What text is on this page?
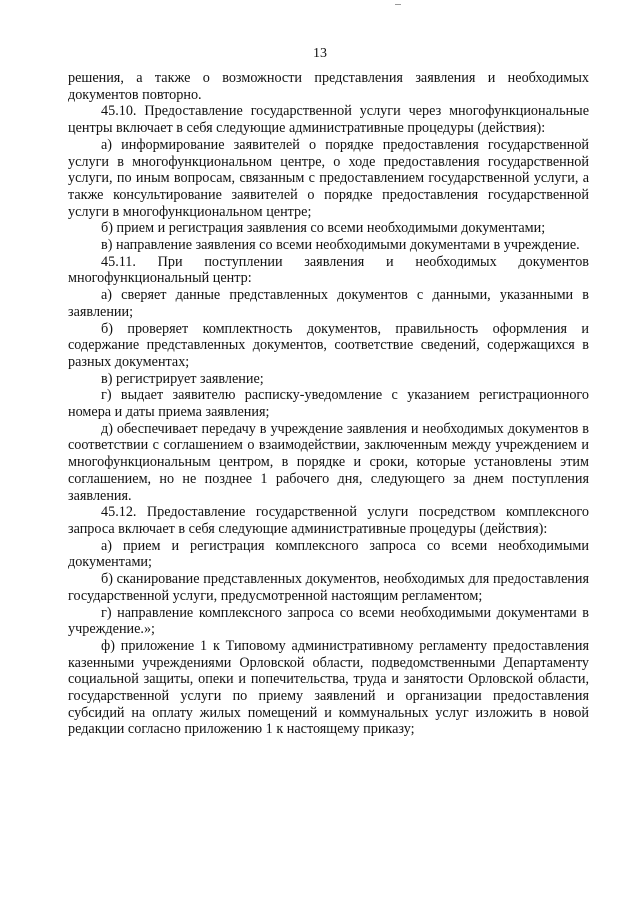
13

решения, а также о возможности представления заявления и необходимых документов повторно.

45.10. Предоставление государственной услуги через многофункциональные центры включает в себя следующие административные процедуры (действия):

а) информирование заявителей о порядке предоставления государственной услуги в многофункциональном центре, о ходе предоставления государственной услуги, по иным вопросам, связанным с предоставлением государственной услуги, а также консультирование заявителей о порядке предоставления государственной услуги в многофункциональном центре;

б) прием и регистрация заявления со всеми необходимыми документами;

в) направление заявления со всеми необходимыми документами в учреждение.

45.11. При поступлении заявления и необходимых документов многофункциональный центр:

а) сверяет данные представленных документов с данными, указанными в заявлении;

б) проверяет комплектность документов, правильность оформления и содержание представленных документов, соответствие сведений, содержащихся в разных документах;

в) регистрирует заявление;

г) выдает заявителю расписку-уведомление с указанием регистрационного номера и даты приема заявления;

д) обеспечивает передачу в учреждение заявления и необходимых документов в соответствии с соглашением о взаимодействии, заключенным между учреждением и многофункциональным центром, в порядке и сроки, которые установлены этим соглашением, но не позднее 1 рабочего дня, следующего за днем поступления заявления.

45.12. Предоставление государственной услуги посредством комплексного запроса включает в себя следующие административные процедуры (действия):

а) прием и регистрация комплексного запроса со всеми необходимыми документами;

б) сканирование представленных документов, необходимых для предоставления государственной услуги, предусмотренной настоящим регламентом;

г) направление комплексного запроса со всеми необходимыми документами в учреждение.»;

ф) приложение 1 к Типовому административному регламенту предоставления казенными учреждениями Орловской области, подведомственными Департаменту социальной защиты, опеки и попечительства, труда и занятости Орловской области, государственной услуги по приему заявлений и организации предоставления субсидий на оплату жилых помещений и коммунальных услуг изложить в новой редакции согласно приложению 1 к настоящему приказу;
